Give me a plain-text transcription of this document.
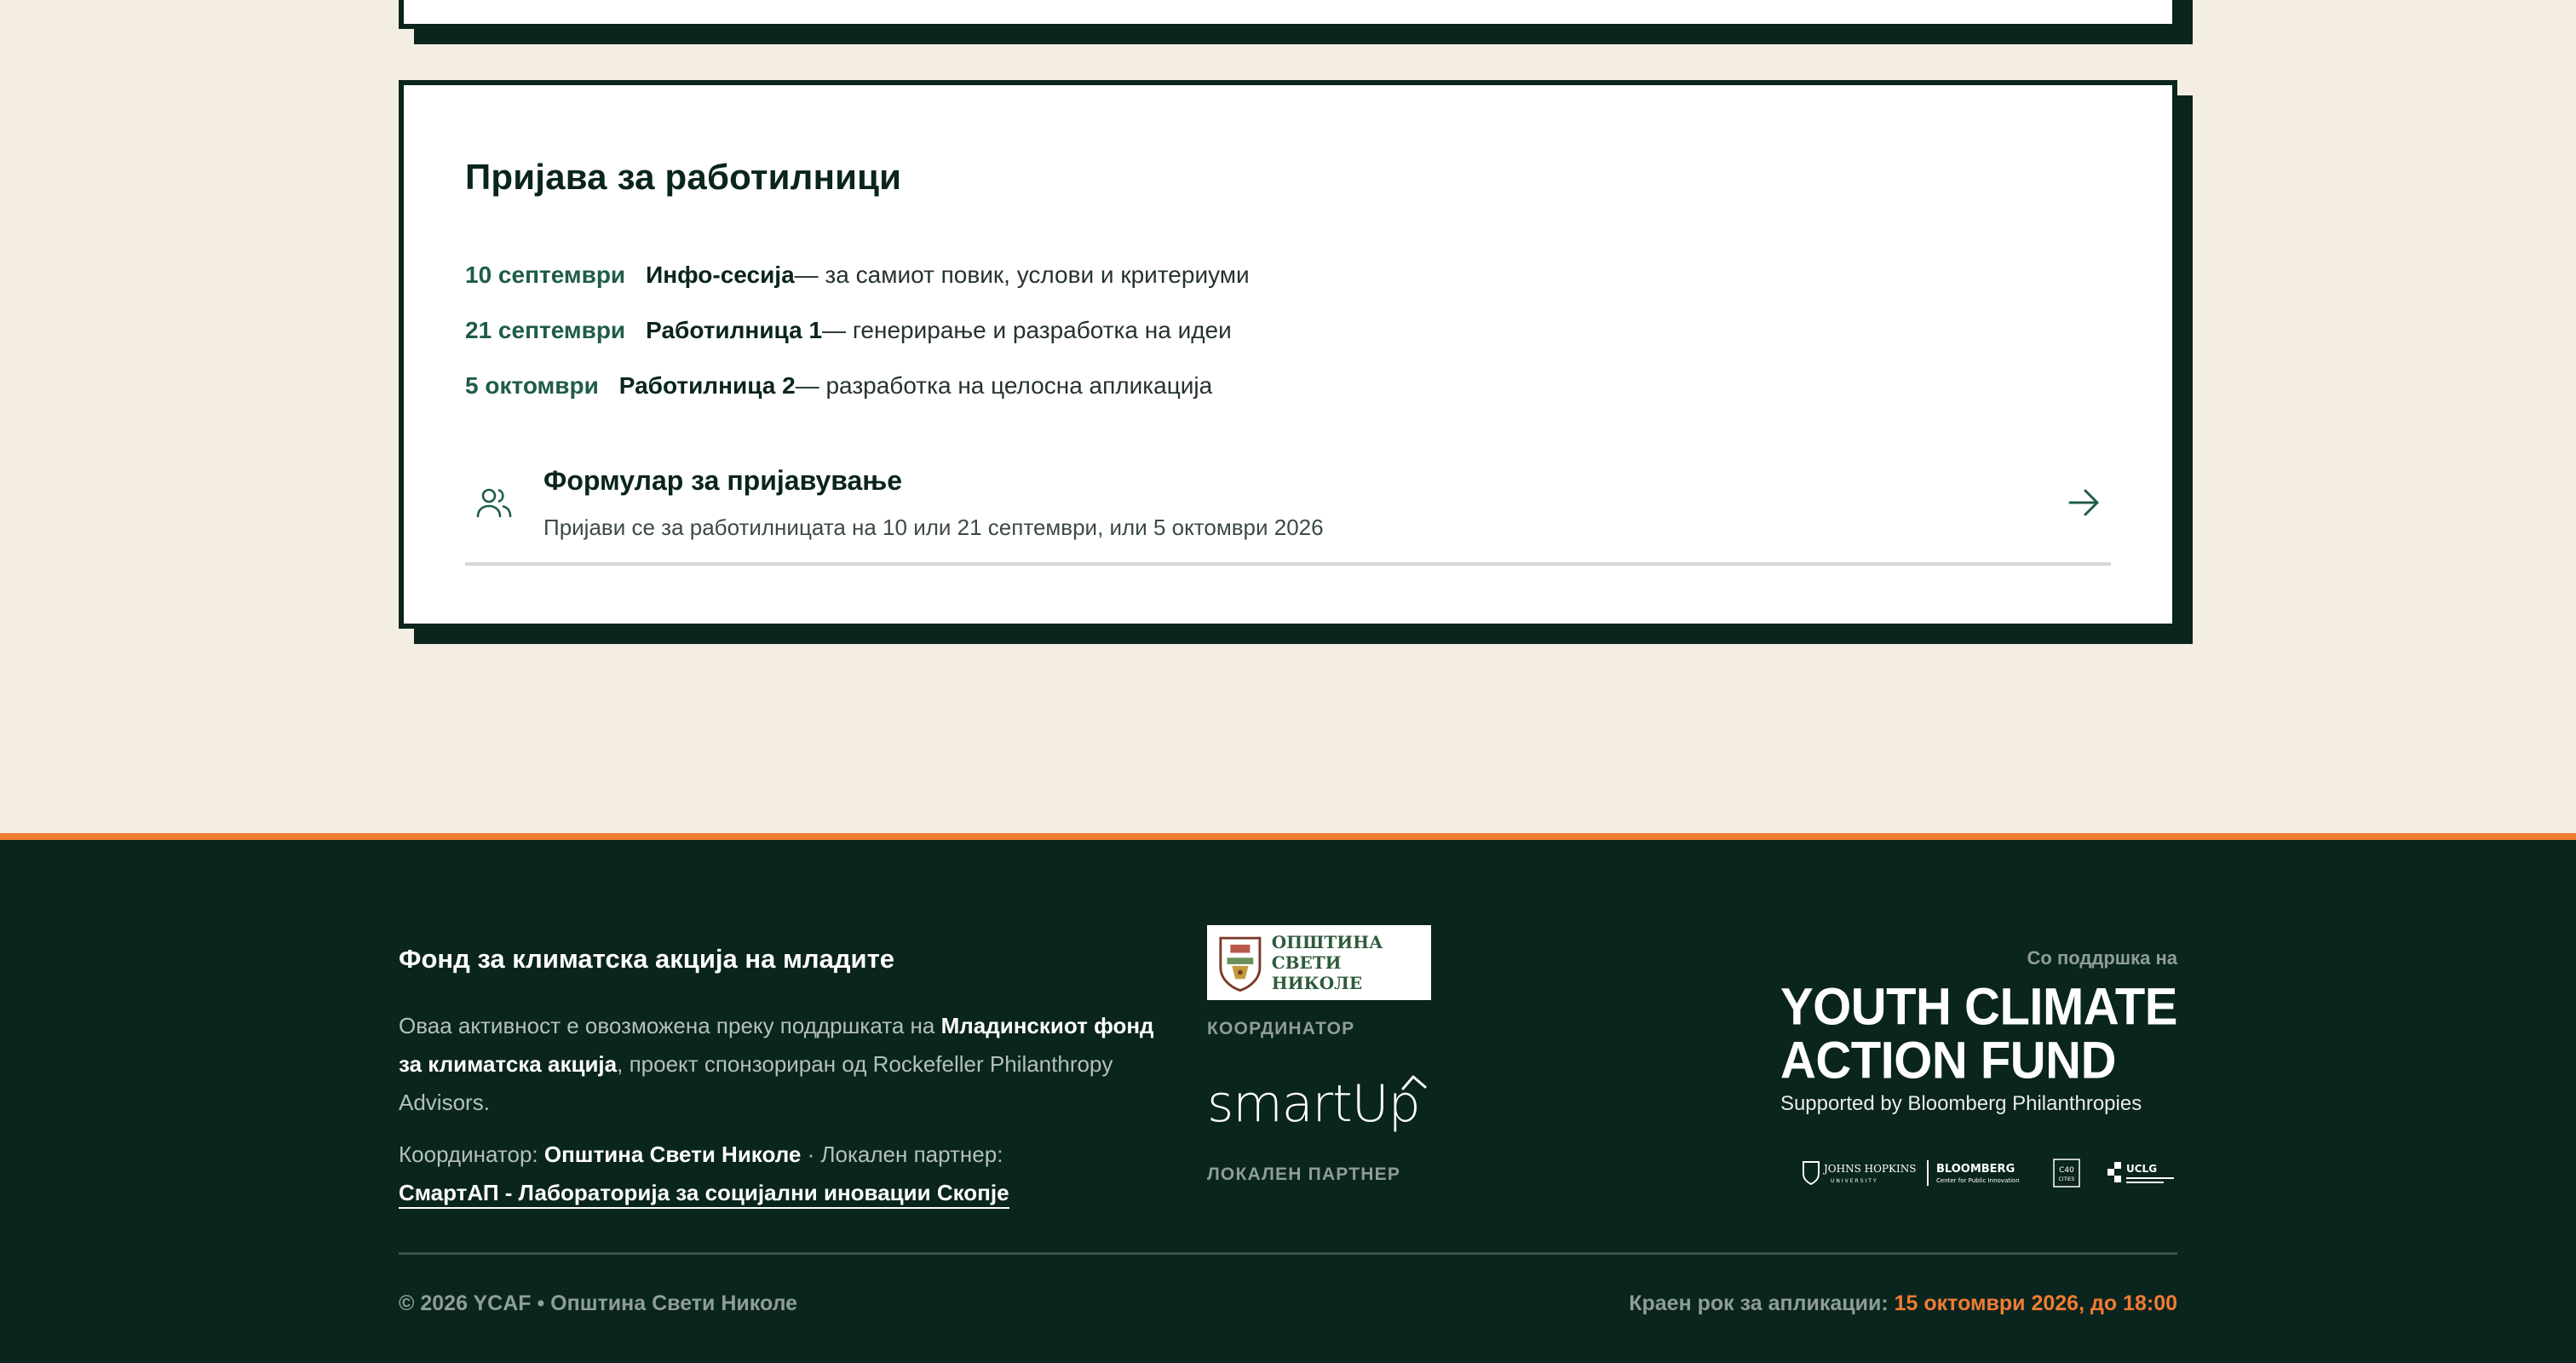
Пријава за работилници
10 септември Инфо-сесија — за самиот повик, услови и критериуми
21 септември Работилница 1 — генерирање и разработка на идеи
5 октомври Работилница 2 — разработка на целосна апликација
Формулар за пријавување
Пријави се за работилницата на 10 или 21 септември, или 5 октомври 2026
Фонд за климатска акција на младите

Оваа активност е овозможена преку поддршката на Младинскиот фонд за климатска акција, проект спонзориран од Rockefeller Philanthropy Advisors.

Координатор: Општина Свети Николе · Локален партнер:
СмартАП - Лабораторија за социјални иновации Скопје

ОПШТИНА
СВЕТИ НИКОЛЕ
КООРДИНАТОР
smartUp
ЛОКАЛЕН ПАРТНЕР
Со поддршка на
YOUTH CLIMATE
ACTION FUND
Supported by Bloomberg Philanthropies
JOHNS HOPKINS
UNIVERSITY
BLOOMBERG
Center for Public Innovation
C40
CITIES
UCLG
© 2026 YCAF • Општина Свети Николе	Краен рок за апликации: 15 октомври 2026, до 18:00
